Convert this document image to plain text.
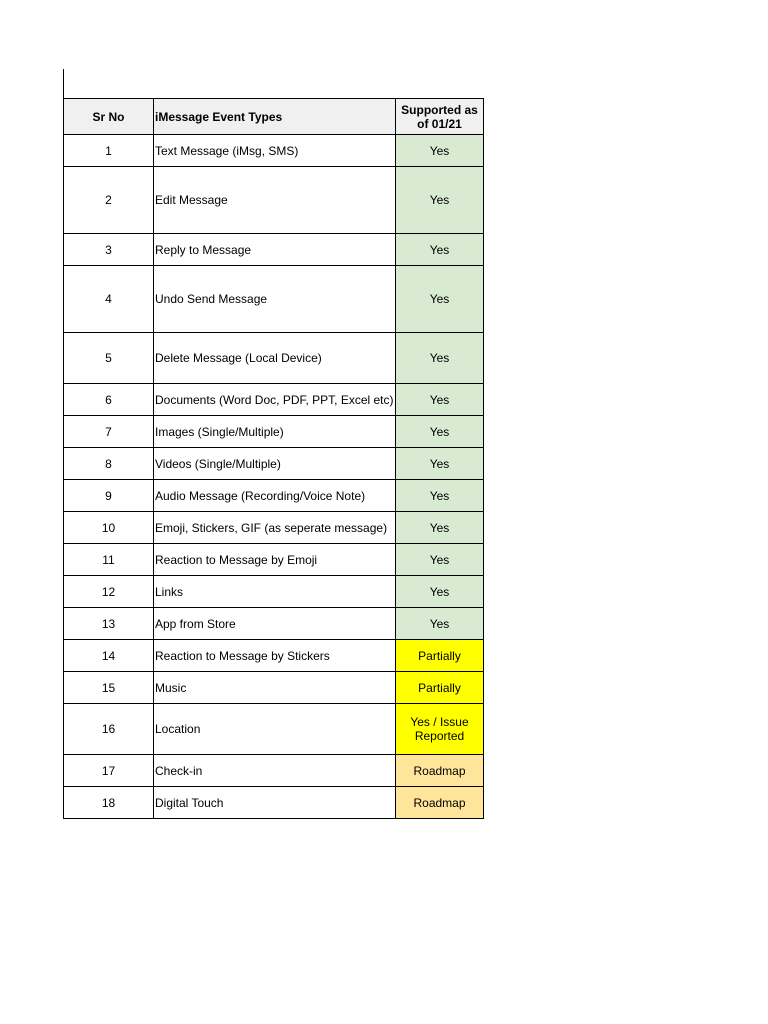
Sr No	iMessage Event Types	Supported as of 01/21
1	Text Message (iMsg, SMS)	Yes
2	Edit Message	Yes
3	Reply to Message	Yes
4	Undo Send Message	Yes
5	Delete Message (Local Device)	Yes
6	Documents (Word Doc, PDF, PPT, Excel etc)	Yes
7	Images (Single/Multiple)	Yes
8	Videos (Single/Multiple)	Yes
9	Audio Message (Recording/Voice Note)	Yes
10	Emoji, Stickers, GIF (as seperate message)	Yes
11	Reaction to Message by Emoji	Yes
12	Links	Yes
13	App from Store	Yes
14	Reaction to Message by Stickers	Partially
15	Music	Partially
16	Location	Yes / Issue Reported
17	Check-in	Roadmap
18	Digital Touch	Roadmap
